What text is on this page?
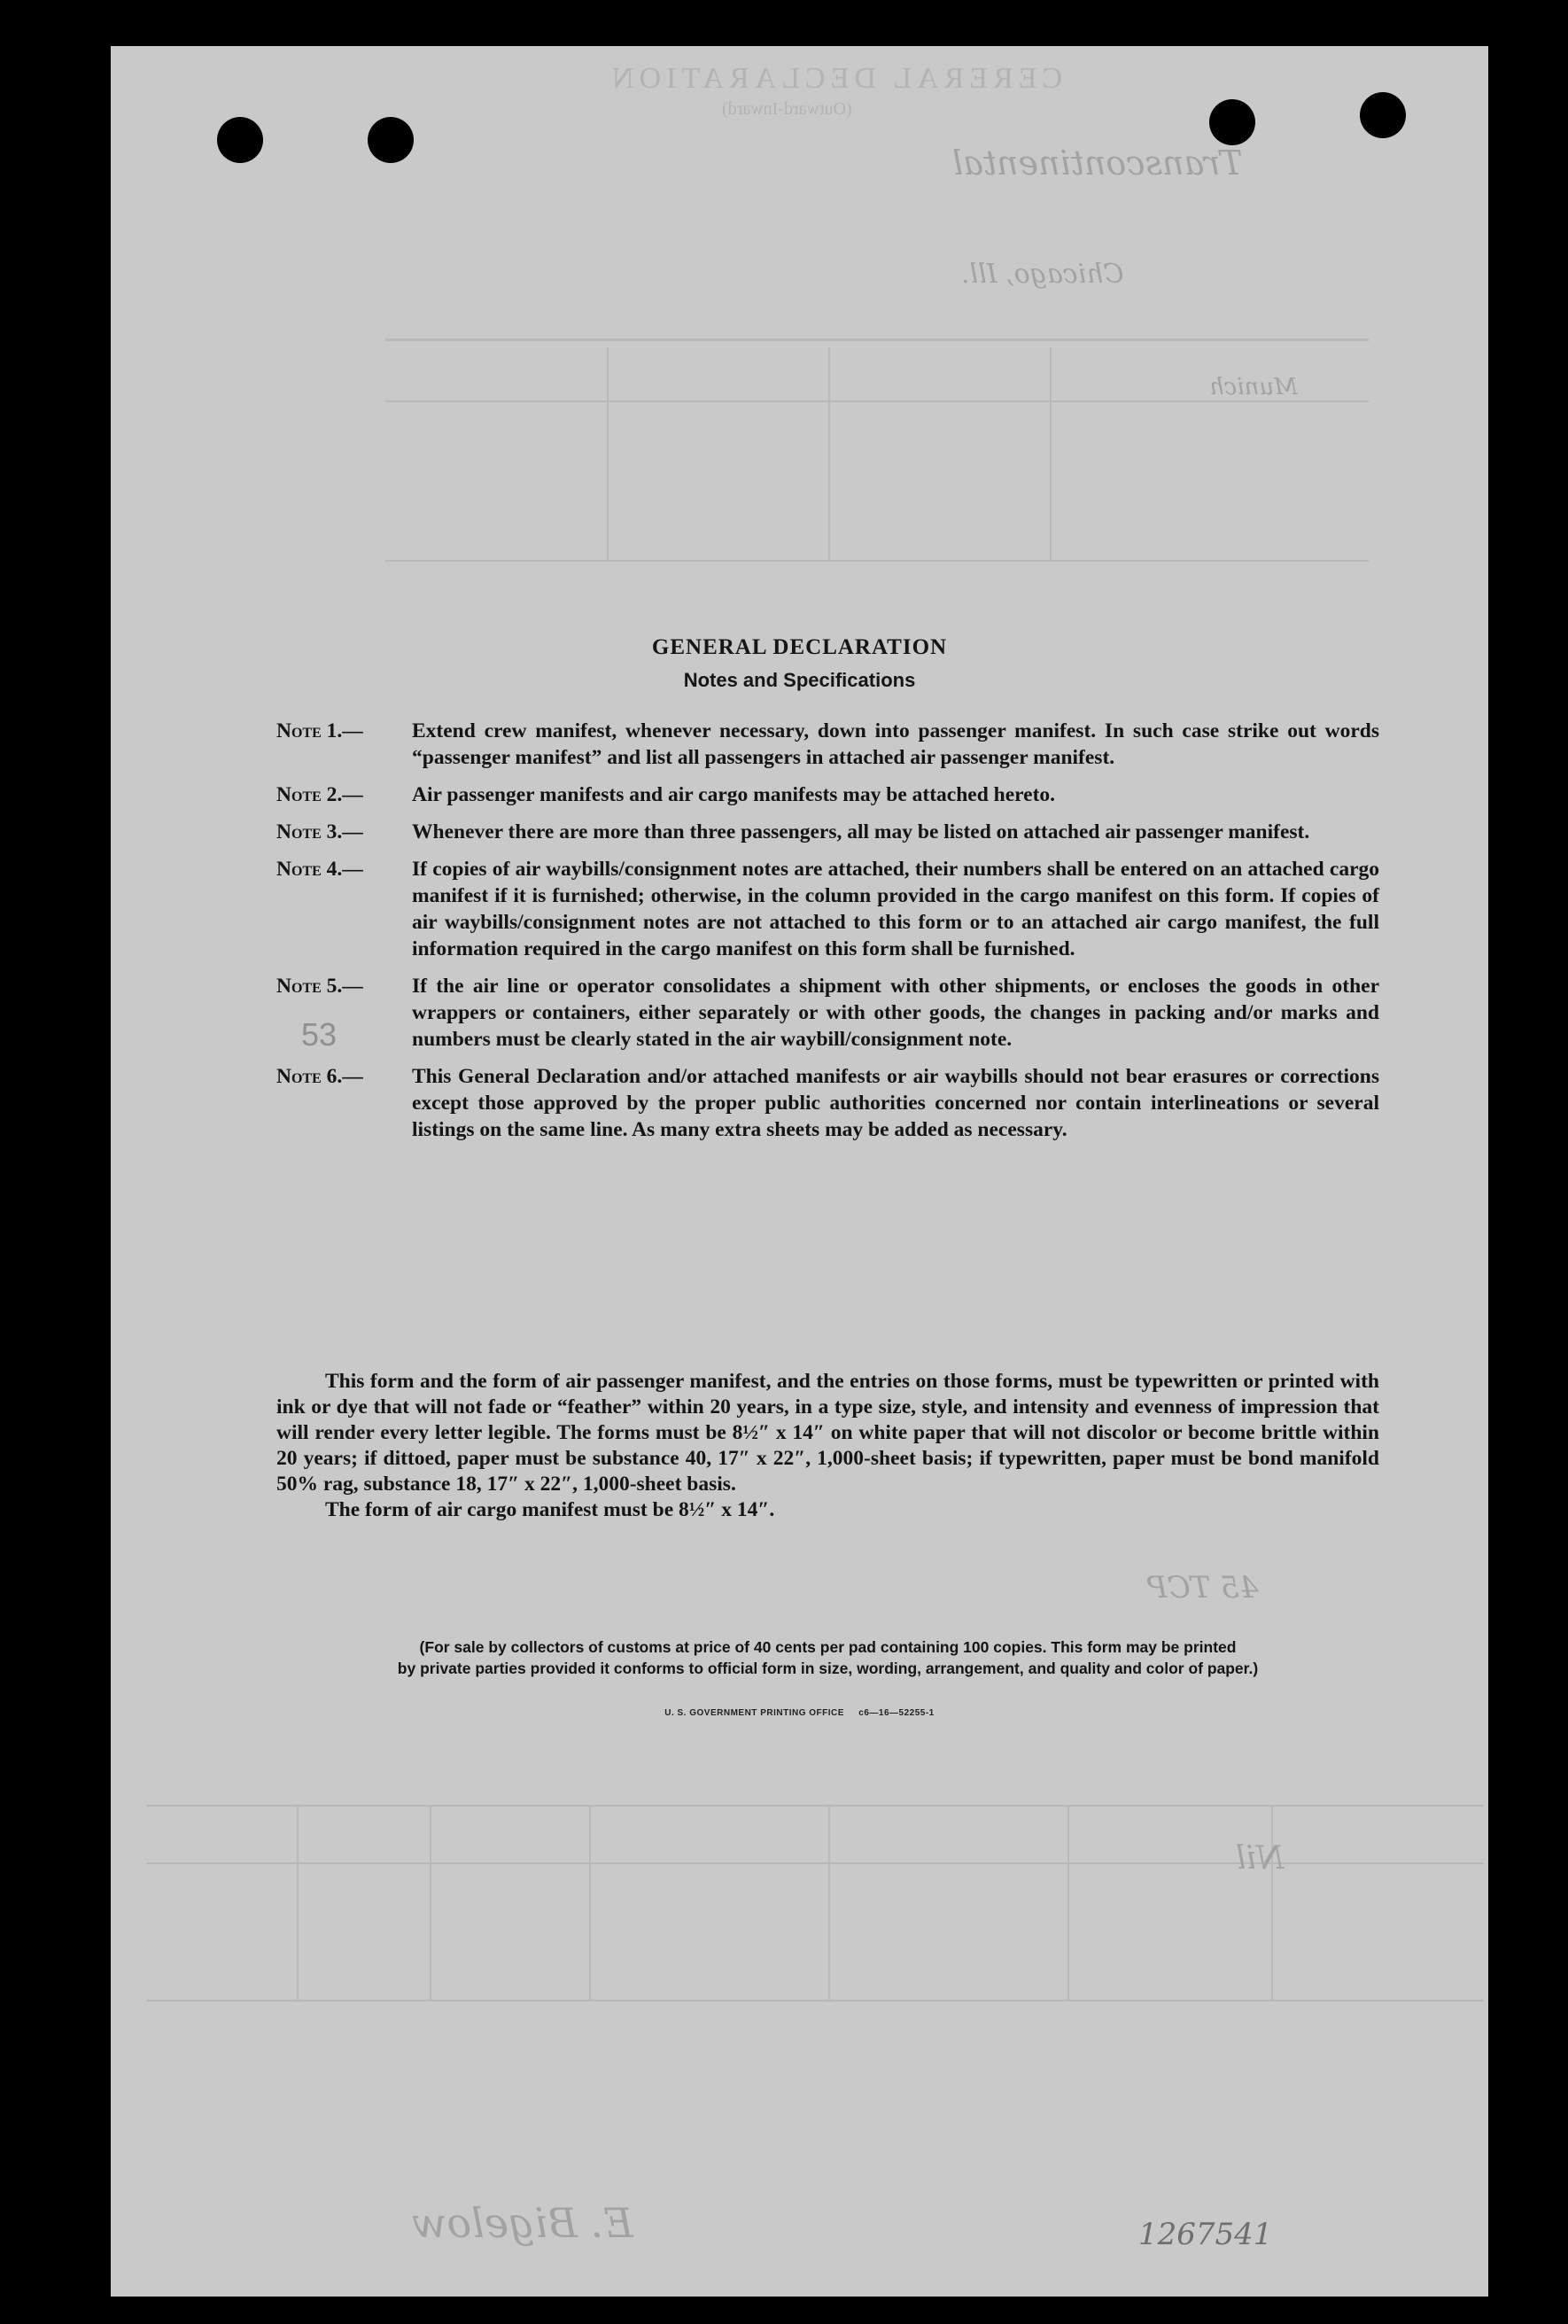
CERERAL DECLARATION
(Outward-Inward)
Transcontinental
Chicago, Ill.
Munich
Nil
45 TCP
E. Bigelow	1267541
53
GENERAL DECLARATION
Notes and Specifications
Note 1.— Extend crew manifest, whenever necessary, down into passenger manifest. In such case strike out words “passenger manifest” and list all passengers in attached air passenger manifest.
Note 2.— Air passenger manifests and air cargo manifests may be attached hereto.
Note 3.— Whenever there are more than three passengers, all may be listed on attached air passenger manifest.
Note 4.— If copies of air waybills/consignment notes are attached, their numbers shall be entered on an attached cargo manifest if it is furnished; otherwise, in the column provided in the cargo manifest on this form. If copies of air waybills/consignment notes are not attached to this form or to an attached air cargo manifest, the full information required in the cargo manifest on this form shall be furnished.
Note 5.— If the air line or operator consolidates a shipment with other shipments, or encloses the goods in other wrappers or containers, either separately or with other goods, the changes in packing and/or marks and numbers must be clearly stated in the air waybill/consignment note.
Note 6.— This General Declaration and/or attached manifests or air waybills should not bear erasures or corrections except those approved by the proper public authorities concerned nor contain interlineations or several listings on the same line. As many extra sheets may be added as necessary.
This form and the form of air passenger manifest, and the entries on those forms, must be typewritten or printed with ink or dye that will not fade or “feather” within 20 years, in a type size, style, and intensity and evenness of impression that will render every letter legible. The forms must be 8½″ x 14″ on white paper that will not discolor or become brittle within 20 years; if dittoed, paper must be substance 40, 17″ x 22″, 1,000-sheet basis; if typewritten, paper must be bond manifold 50% rag, substance 18, 17″ x 22″, 1,000-sheet basis.
The form of air cargo manifest must be 8½″ x 14″.
(For sale by collectors of customs at price of 40 cents per pad containing 100 copies. This form may be printed
by private parties provided it conforms to official form in size, wording, arrangement, and quality and color of paper.)
U. S. GOVERNMENT PRINTING OFFICE     c6—16—52255-1
